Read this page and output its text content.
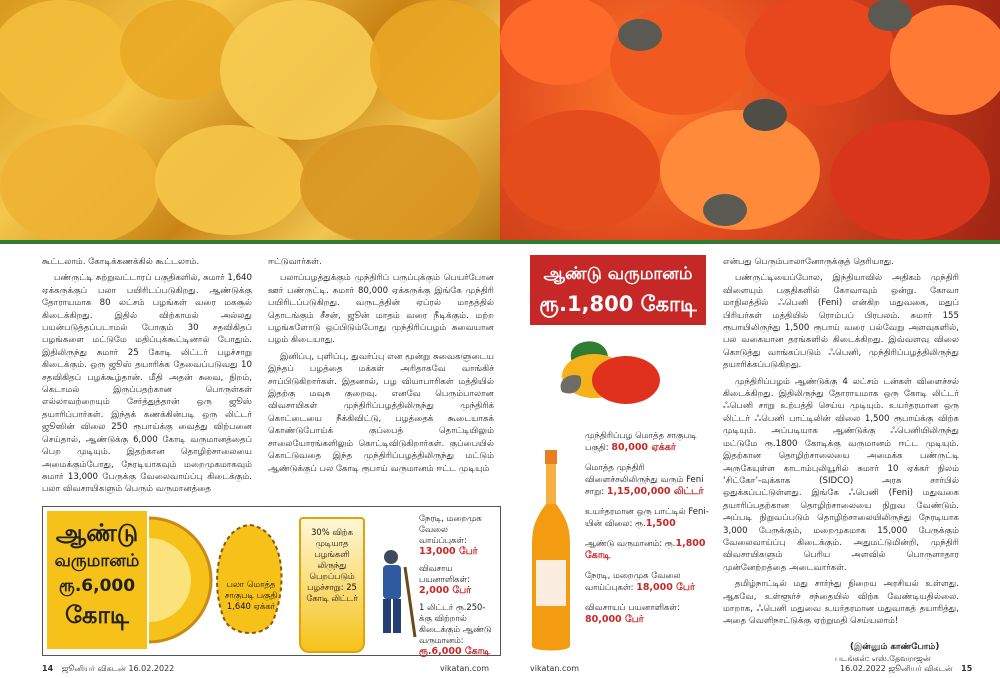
கூட்டலாம். கோடிக்கணக்கில் கூட்டலாம்.

பண்ருட்டி சுற்றுவட்டாரப் பகுதிகளில், சுமார் 1,640 ஏக்கருக்குப் பலா பயிரிடப்படுகிறது. ஆண்டுக்கு தோராயமாக 80 லட்சம் பழங்கள் வரை மகசூல் கிடைக்கிறது. இதில் விற்காமல் அல்லது பயன்படுத்தப்படாமல் போகும் 30 சதவிகிதப் பழங்களை மட்டுமே மதிப்புக்கூட்டினால் போதும். இதிலிருந்து சுமார் 25 கோடி லிட்டர் பழச்சாறு கிடைக்கும். ஒரு ஜூஸ் தயாரிக்க தேவைப்படுவது 10 சதவிகிதப் பழக்கூழ்தான். மீதி அதன் சுவை, நிறம், கெடாமல் இருப்பதற்கான பொருள்கள் எல்லாவற்றையும் சேர்த்துத்தான் ஒரு ஜூஸ் தயாரிப்பார்கள். இந்தக் கணக்கின்படி ஒரு லிட்டர் ஜூஸின் விலை 250 ரூபாய்க்கு வைத்து விற்பனை செய்தால், ஆண்டுக்கு 6,000 கோடி வருமானத்தைப் பெற முடியும். இதற்கான தொழிற்சாலையை அமைக்கும்போது, நேரடியாகவும் மறைமுகமாகவும் சுமார் 13,000 பேருக்கு வேலைவாய்ப்பு கிடைக்கும். பலா விவசாயிகளும் பெரும் வருமானத்தை

ஈட்டுவார்கள்.

பலாப்பழத்துக்கும் முந்திரிப் பருப்புக்கும் பெயர்போன ஊர் பண்ருட்டி. சுமார் 80,000 ஏக்கருக்கு இங்கே முந்திரி பயிரிடப்படுகிறது. வருடத்தின் ஏப்ரல் மாதத்தில் தொடங்கும் சீசன், ஜூன் மாதம் வரை நீடிக்கும். மற்ற பழங்களோடு ஒப்பிடும்போது முந்திரிப்பழம் சுவையான பழம் கிடையாது.

இனிப்பு, புளிப்பு, துவர்ப்பு என மூன்று சுவைகளுடைய இந்தப் பழத்தை மக்கள் அரிதாகவே வாங்கிச் சாப்பிடுகிறார்கள். இதனால், பழ வியாபாரிகள் மத்தியில் இதற்கு மவுசு குறைவு. எனவே பெரும்பாலான விவசாயிகள் முந்திரிப்பழத்திலிருந்து முந்திரிக் கொட்டையை நீக்கிவிட்டு, பழத்தைக் கூடையாகக் கொண்டுபோய்க் குப்பைத் தொட்டியிலும் சாலையோரங்களிலும் கொட்டிவிடுகிறார்கள். குப்பையில் கொட்டுவதை இந்த முந்திரிப்பழத்திலிருந்து மட்டும் ஆண்டுக்குப் பல கோடி ரூபாய் வருமானம் ஈட்ட முடியும்

ஆண்டு
வருமானம்
ரூ.6,000
கோடி
பலா மொத்த சாகுபடி பகுதி 1,640 ஏக்கர்
30% விற்க முடியாத பழங்களி லிருந்து பெறப்படும் பழச்சாறு: 25 கோடி லிட்டர்
நேரடி, மறைமுக வேலை வாய்ப்புகள்:
13,000 பேர்
விவசாய பயனாளிகள்:
2,000 பேர்
1 லிட்டர் ரூ.250-க்கு விற்றால் கிடைக்கும் ஆண்டு வருமானம்:
ரூ.6,000 கோடி
ஆண்டு வருமானம்
ரூ.1,800 கோடி
முந்திரிப்பழ மொத்த சாகுபடி பகுதி: 80,000 ஏக்கர்
மொத்த முந்திரி விளைச்சலிலிருந்து வரும் Feni சாறு: 1,15,00,000 லிட்டர்
உயர்தரமான ஒரு பாட்டில் Feni-யின் விலை: ரூ.1,500
ஆண்டு வருமானம்: ரூ.1,800 கோடி
நேரடி, மறைமுக வேலை வாய்ப்புகள்: 18,000 பேர்
விவசாயப் பயனாளிகள்: 80,000 பேர்

என்பது பெரும்பாலானோருக்குத் தெரியாது.

பண்ருட்டியைப்போல, இந்தியாவில் அதிகம் முந்திரி விளையும் பகுதிகளில் கோவாவும் ஒன்று. கோவா மாநிலத்தில் ஃபெனி (Feni) என்கிற மதுவகை, மதுப் பிரியர்கள் மத்தியில் ரொம்பப் பிரபலம். சுமார் 155 ரூபாயிலிருந்து 1,500 ரூபாய் வரை பல்வேறு அளவுகளில், பல வகையான தரங்களில் கிடைக்கிறது. இவ்வளவு விலை கொடுத்து வாங்கப்படும் ஃபெனி, முந்திரிப்பழத்திலிருந்து தயாரிக்கப்படுகிறது.

முந்திரிப்பழம் ஆண்டுக்கு 4 லட்சம் டன்கள் விளைச்சல் கிடைக்கிறது. இதிலிருந்து தோராயமாக ஒரு கோடி லிட்டர் ஃபெனி சாறு உற்பத்தி செய்ய முடியும். உயர்தரமான ஒரு லிட்டர் ஃபெனி பாட்டிலின் விலை 1,500 ரூபாய்க்கு விற்க முடியும். அப்படியாக ஆண்டுக்கு ஃபெனியிலிருந்து மட்டுமே ரூ.1800 கோடிக்கு வருமானம் ஈட்ட முடியும். இதற்கான தொழிற்சாலையை அமைக்க பண்ருட்டி அருகேயுள்ள காடாம்புலியூரில் சுமார் 10 ஏக்கர் நிலம் ‘சிட்கோ’-வுக்காக (SIDCO) அரசு சார்பில் ஒதுக்கப்பட்டுள்ளது. இங்கே ஃபெனி (Feni) மதுவகை தயாரிப்பதற்கான தொழிற்சாலையை நிறுவ வேண்டும். அப்படி நிறுவப்படும் தொழிற்சாலையிலிருந்து நேரடியாக 3,000 பேருக்கும், மறைமுகமாக 15,000 பேருக்கும் வேலைவாய்ப்பு கிடைக்கும். அதுமட்டுமின்றி, முந்திரி விவசாயிகளும் பெரிய அளவில் பொருளாதார முன்னேற்றத்தை அடைவார்கள்.

தமிழ்நாட்டில் மது சார்ந்து நிறைய அரசியல் உள்ளது. ஆகவே, உள்ளூர்ச் சந்தையில் விற்க வேண்டியதில்லை. மாறாக, ஃபெனி மதுவை உயர்தரமான மதுவாகத் தயாரித்து, அதை வெளிநாட்டுக்கு ஏற்றுமதி செய்யலாம்!

(இன்னும் காண்போம்)
படங்கள்: எஸ்.தேவராஜன்
14 ஜூனியர் விகடன் 16.02.2022	vikatan.com	vikatan.com	16.02.2022 ஜூனியர் விகடன் 15
